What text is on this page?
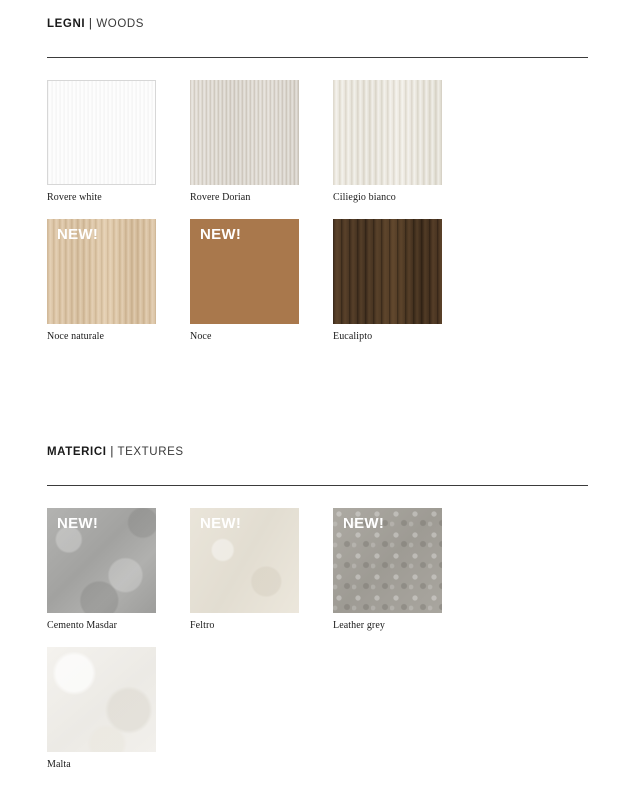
LEGNI | WOODS
Rovere white	Rovere Dorian	Ciliegio bianco
NEW!
Noce naturale
NEW!
Noce	Eucalipto
MATERICI | TEXTURES
NEW!
Cemento Masdar
NEW!
Feltro
NEW!
Leather grey
Malta
